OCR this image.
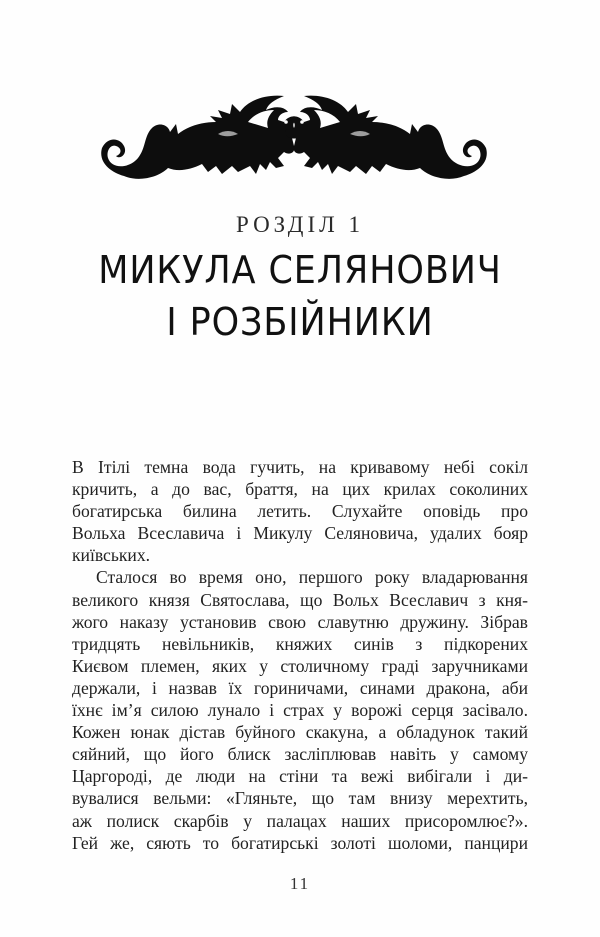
РОЗДІЛ 1
МИКУЛА СЕЛЯНОВИЧ
І РОЗБІЙНИКИ
В Ітілі темна вода гучить, на кривавому небі сокіл
кричить, а до вас, браття, на цих крилах соколиних
богатирська билина летить. Слухайте оповідь про
Вольха Всеславича і Микулу Селяновича, удалих бояр
київських.
Сталося во время оно, першого року владарювання
великого князя Святослава, що Вольх Всеславич з кня-
жого наказу установив свою славутню дружину. Зібрав
тридцять невільників, княжих синів з підкорених
Києвом племен, яких у столичному граді заручниками
держали, і назвав їх гориничами, синами дракона, аби
їхнє ім’я силою лунало і страх у ворожі серця засівало.
Кожен юнак дістав буйного скакуна, а обладунок такий
сяйний, що його блиск засліплював навіть у самому
Царгороді, де люди на стіни та вежі вибігали і ди-
вувалися вельми: «Гляньте, що там внизу мерехтить,
аж полиск скарбів у палацах наших присоромлює?».
Гей же, сяють то богатирські золоті шоломи, панцири
11
